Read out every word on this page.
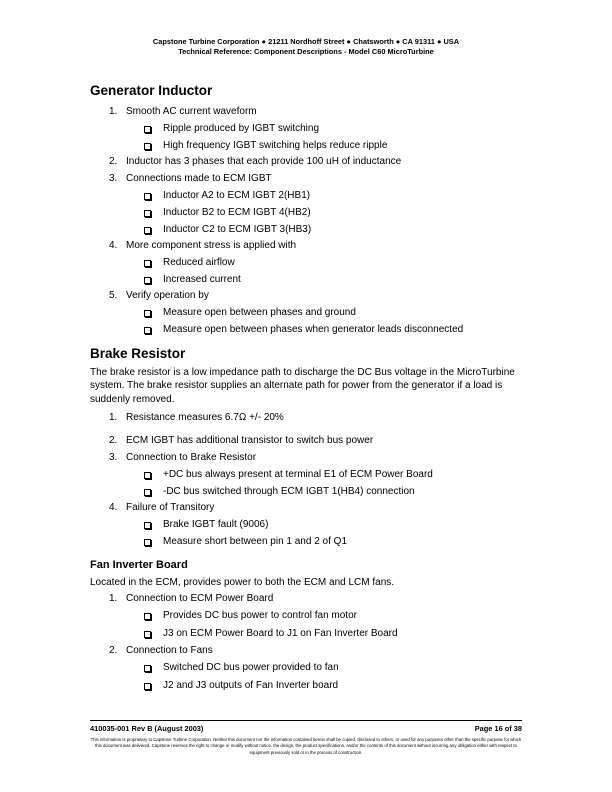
Capstone Turbine Corporation ● 21211 Nordhoff Street ● Chatsworth ● CA 91311 ● USA
Technical Reference: Component Descriptions - Model C60 MicroTurbine
Generator Inductor
1. Smooth AC current waveform
Ripple produced by IGBT switching
High frequency IGBT switching helps reduce ripple
2. Inductor has 3 phases that each provide 100 uH of inductance
3. Connections made to ECM IGBT
Inductor A2 to ECM IGBT 2(HB1)
Inductor B2 to ECM IGBT 4(HB2)
Inductor C2 to ECM IGBT 3(HB3)
4. More component stress is applied with
Reduced airflow
Increased current
5. Verify operation by
Measure open between phases and ground
Measure open between phases when generator leads disconnected
Brake Resistor
The brake resistor is a low impedance path to discharge the DC Bus voltage in the MicroTurbine system. The brake resistor supplies an alternate path for power from the generator if a load is suddenly removed.
1. Resistance measures 6.7Ω +/- 20%
2. ECM IGBT has additional transistor to switch bus power
3. Connection to Brake Resistor
+DC bus always present at terminal E1 of ECM Power Board
-DC bus switched through ECM IGBT 1(HB4) connection
4. Failure of Transitory
Brake IGBT fault (9006)
Measure short between pin 1 and 2 of Q1
Fan Inverter Board
Located in the ECM, provides power to both the ECM and LCM fans.
1. Connection to ECM Power Board
Provides DC bus power to control fan motor
J3 on ECM Power Board to J1 on Fan Inverter Board
2. Connection to Fans
Switched DC bus power provided to fan
J2 and J3 outputs of Fan Inverter board
410035-001 Rev B (August 2003)	Page 16 of 38
This information is proprietary to Capstone Turbine Corporation. Neither this document nor the information contained herein shall be copied, disclosed to others, or used for any purposes other than the specific purpose for which this document was delivered. Capstone reserves the right to change or modify without notice, the design, the product specifications, and/or the contents of this document without incurring any obligation either with respect to equipment previously sold or in the process of construction.
